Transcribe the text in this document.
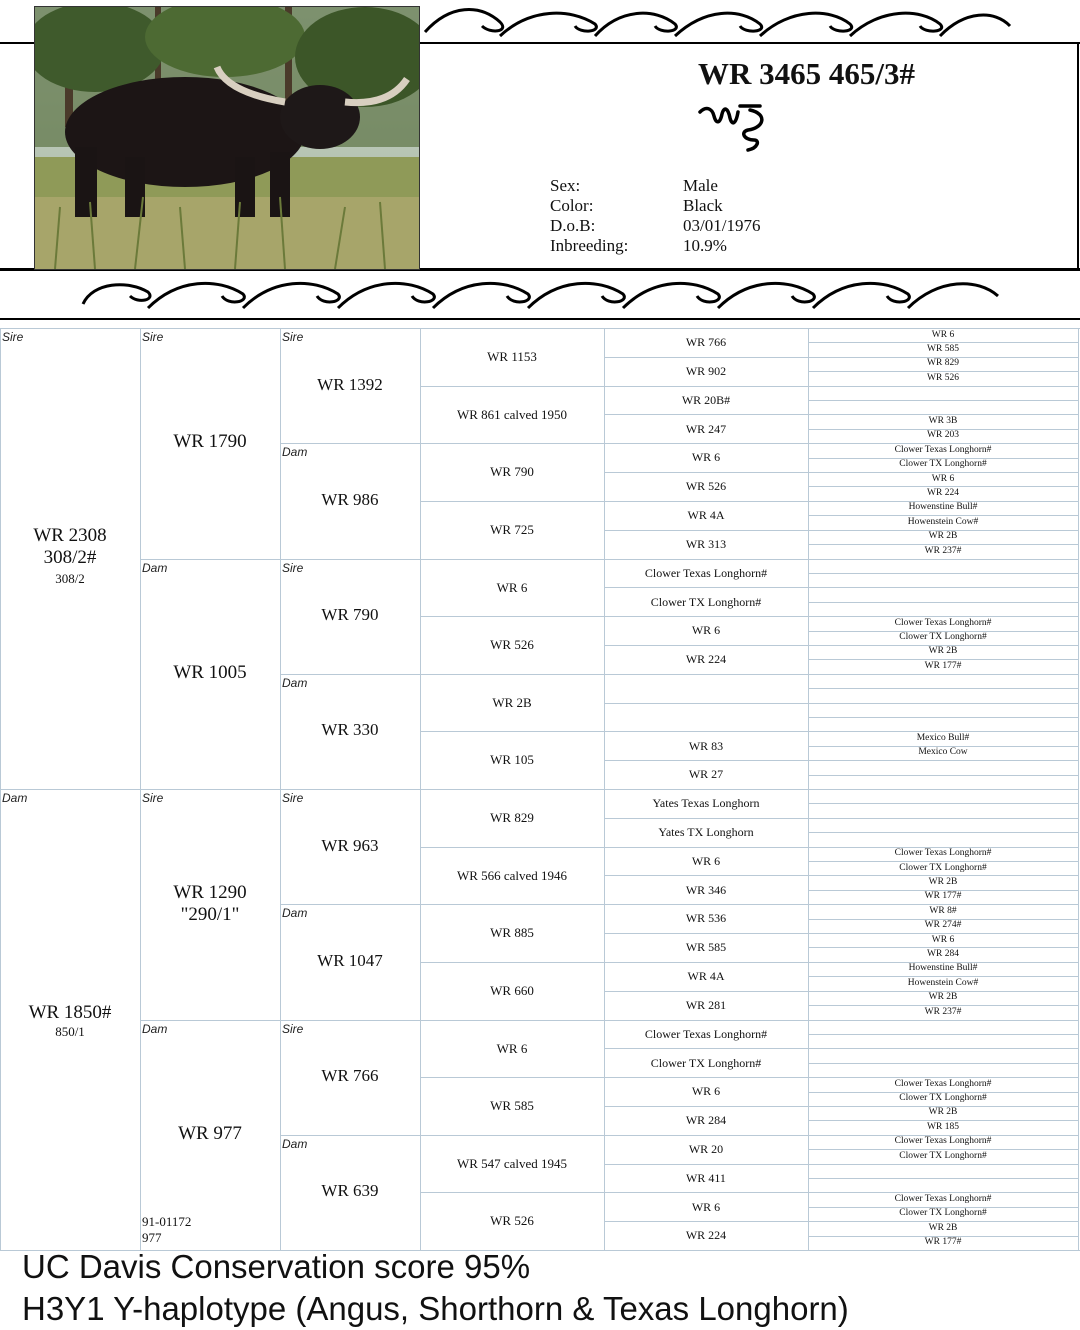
WR 3465 465/3#
Sex:
Color:
D.o.B:
Inbreeding:
Male
Black
03/01/1976
10.9%
Sire
WR 2308
308/2#
308/2
Dam
WR 1850#
850/1
Sire
WR 1790
Dam
WR 1005
Sire
WR 1290
"290/1"
Dam
WR 977
91-01172
977
Sire
WR 1392
Dam
WR 986
Sire
WR 790
Dam
WR 330
Sire
WR 963
Dam
WR 1047
Sire
WR 766
Dam
WR 639
WR 1153
WR 861 calved 1950
WR 790
WR 725
WR 6
WR 526
WR 2B
WR 105
WR 829
WR 566 calved 1946
WR 885
WR 660
WR 6
WR 585
WR 547 calved 1945
WR 526
WR 766
WR 902
WR 20B#
WR 247
WR 6
WR 526
WR 4A
WR 313
Clower Texas Longhorn#
Clower TX Longhorn#
WR 6
WR 224
WR 83
WR 27
Yates Texas Longhorn
Yates TX Longhorn
WR 6
WR 346
WR 536
WR 585
WR 4A
WR 281
Clower Texas Longhorn#
Clower TX Longhorn#
WR 6
WR 284
WR 20
WR 411
WR 6
WR 224
WR 6
WR 585
WR 829
WR 526
WR 3B
WR 203
Clower Texas Longhorn#
Clower TX Longhorn#
WR 6
WR 224
Howenstine Bull#
Howenstein Cow#
WR 2B
WR 237#
Clower Texas Longhorn#
Clower TX Longhorn#
WR 2B
WR 177#
Mexico Bull#
Mexico Cow
Clower Texas Longhorn#
Clower TX Longhorn#
WR 2B
WR 177#
WR 8#
WR 274#
WR 6
WR 284
Howenstine Bull#
Howenstein Cow#
WR 2B
WR 237#
Clower Texas Longhorn#
Clower TX Longhorn#
WR 2B
WR 185
Clower Texas Longhorn#
Clower TX Longhorn#
Clower Texas Longhorn#
Clower TX Longhorn#
WR 2B
WR 177#
UC Davis Conservation score 95%
H3Y1 Y-haplotype (Angus, Shorthorn & Texas Longhorn)
